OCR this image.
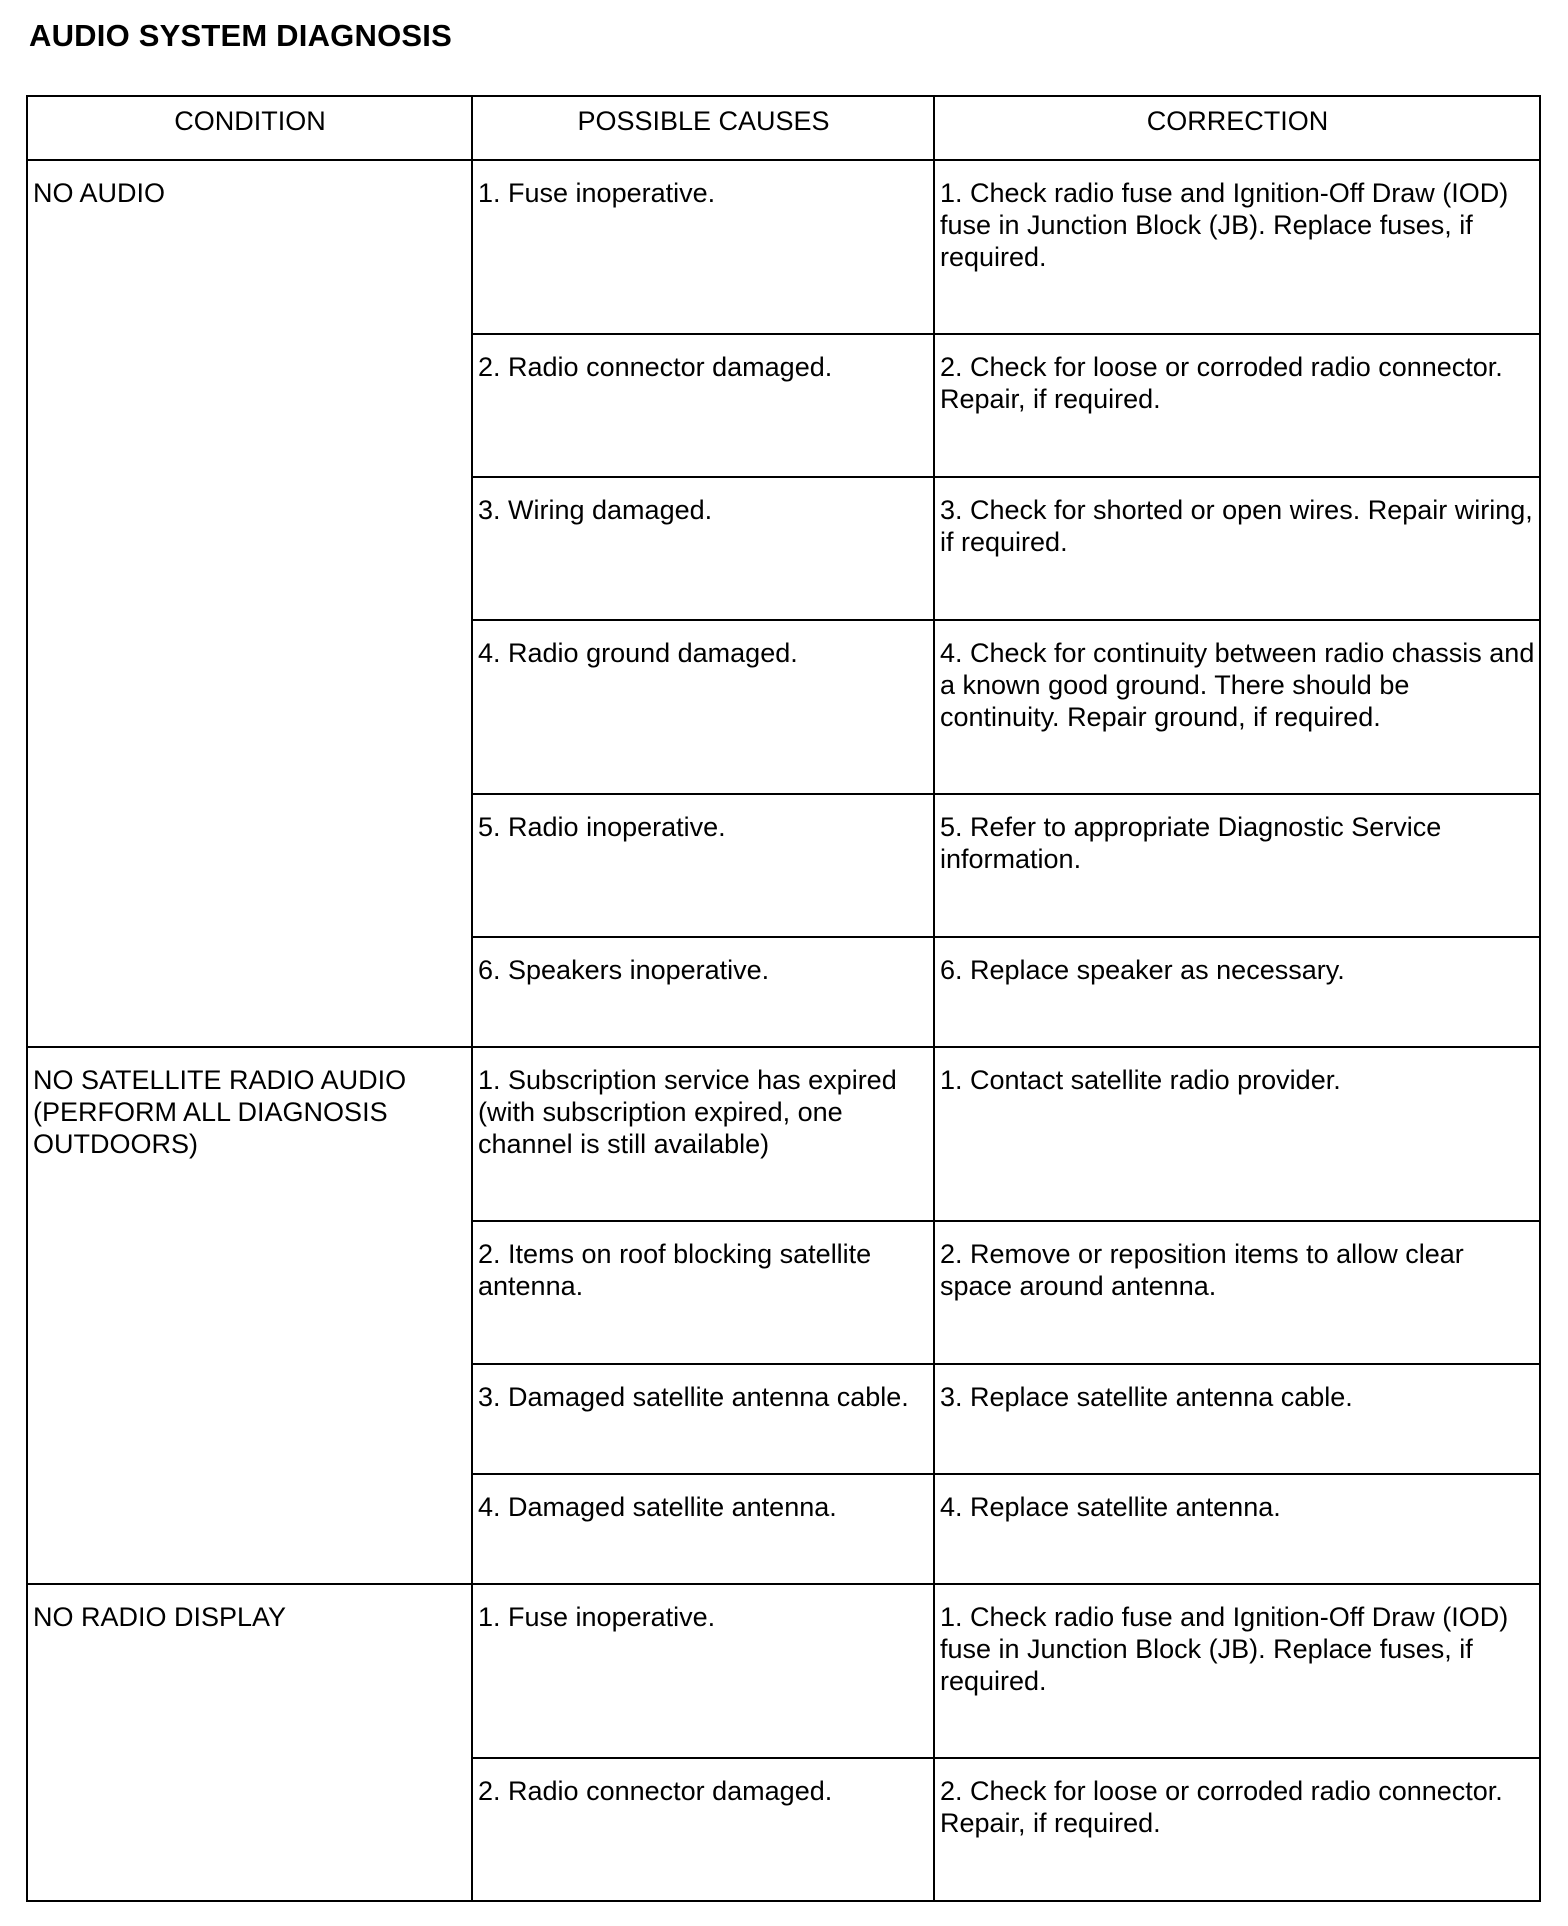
AUDIO SYSTEM DIAGNOSIS
CONDITION	POSSIBLE CAUSES	CORRECTION
NO AUDIO	1. Fuse inoperative.	1. Check radio fuse and Ignition-Off Draw (IOD) fuse in Junction Block (JB). Replace fuses, if required.
	2. Radio connector damaged.	2. Check for loose or corroded radio connector. Repair, if required.
	3. Wiring damaged.	3. Check for shorted or open wires. Repair wiring, if required.
	4. Radio ground damaged.	4. Check for continuity between radio chassis and a known good ground. There should be continuity. Repair ground, if required.
	5. Radio inoperative.	5. Refer to appropriate Diagnostic Service information.
	6. Speakers inoperative.	6. Replace speaker as necessary.
NO SATELLITE RADIO AUDIO (PERFORM ALL DIAGNOSIS OUTDOORS)	1. Subscription service has expired (with subscription expired, one channel is still available)	1. Contact satellite radio provider.
	2. Items on roof blocking satellite antenna.	2. Remove or reposition items to allow clear space around antenna.
	3. Damaged satellite antenna cable.	3. Replace satellite antenna cable.
	4. Damaged satellite antenna.	4. Replace satellite antenna.
NO RADIO DISPLAY	1. Fuse inoperative.	1. Check radio fuse and Ignition-Off Draw (IOD) fuse in Junction Block (JB). Replace fuses, if required.
	2. Radio connector damaged.	2. Check for loose or corroded radio connector. Repair, if required.
